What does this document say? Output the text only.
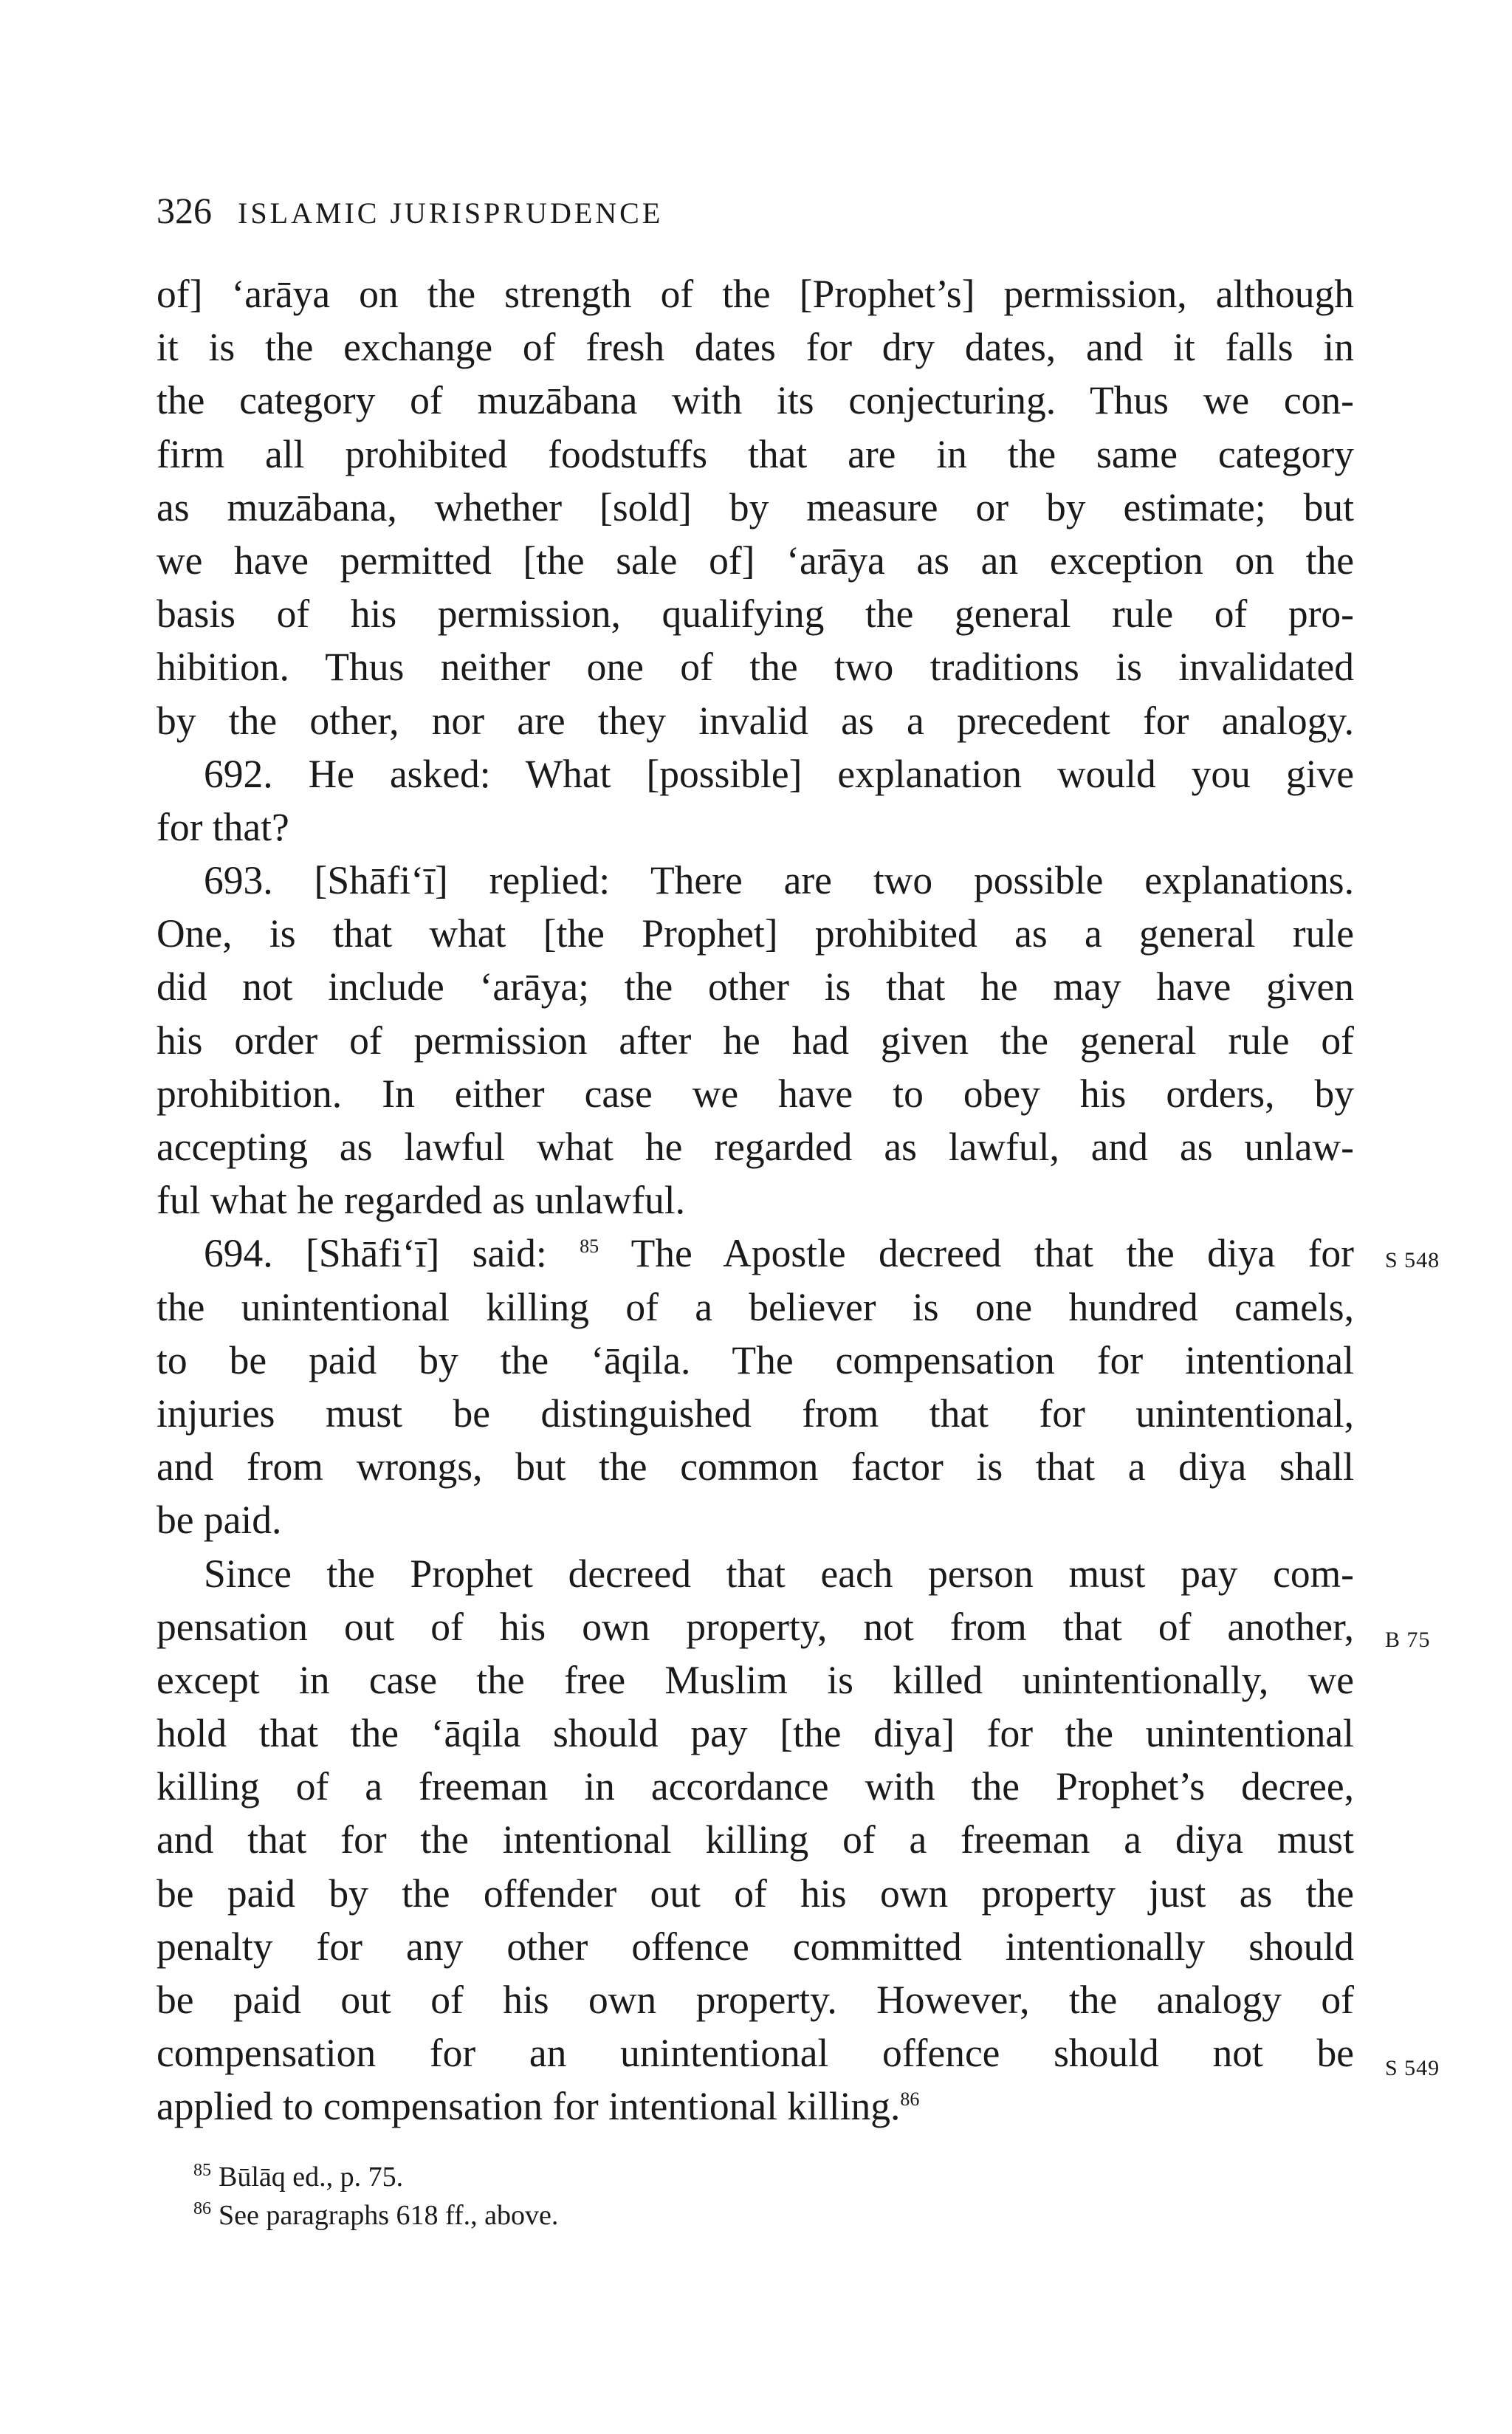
326 ISLAMIC JURISPRUDENCE
of] ‘arāya on the strength of the [Prophet’s] permission, although
it is the exchange of fresh dates for dry dates, and it falls in
the category of muzābana with its conjecturing. Thus we con-
firm all prohibited foodstuffs that are in the same category
as muzābana, whether [sold] by measure or by estimate; but
we have permitted [the sale of] ‘arāya as an exception on the
basis of his permission, qualifying the general rule of pro-
hibition. Thus neither one of the two traditions is invalidated
by the other, nor are they invalid as a precedent for analogy.
692. He asked: What [possible] explanation would you give
for that?
693. [Shāfi‘ī] replied: There are two possible explanations.
One, is that what [the Prophet] prohibited as a general rule
did not include ‘arāya; the other is that he may have given
his order of permission after he had given the general rule of
prohibition. In either case we have to obey his orders, by
accepting as lawful what he regarded as lawful, and as unlaw-
ful what he regarded as unlawful.
694. [Shāfi‘ī] said: $^{85}$ The Apostle decreed that the diya for
the unintentional killing of a believer is one hundred camels,
to be paid by the ‘āqila. The compensation for intentional
injuries must be distinguished from that for unintentional,
and from wrongs, but the common factor is that a diya shall
be paid.
Since the Prophet decreed that each person must pay com-
pensation out of his own property, not from that of another,
except in case the free Muslim is killed unintentionally, we
hold that the ‘āqila should pay [the diya] for the unintentional
killing of a freeman in accordance with the Prophet’s decree,
and that for the intentional killing of a freeman a diya must
be paid by the offender out of his own property just as the
penalty for any other offence committed intentionally should
be paid out of his own property. However, the analogy of
compensation for an unintentional offence should not be
applied to compensation for intentional killing.$^{86}$
S 548
B 75
S 549
$^{85}$ Būlāq ed., p. 75.
$^{86}$ See paragraphs 618 ff., above.
